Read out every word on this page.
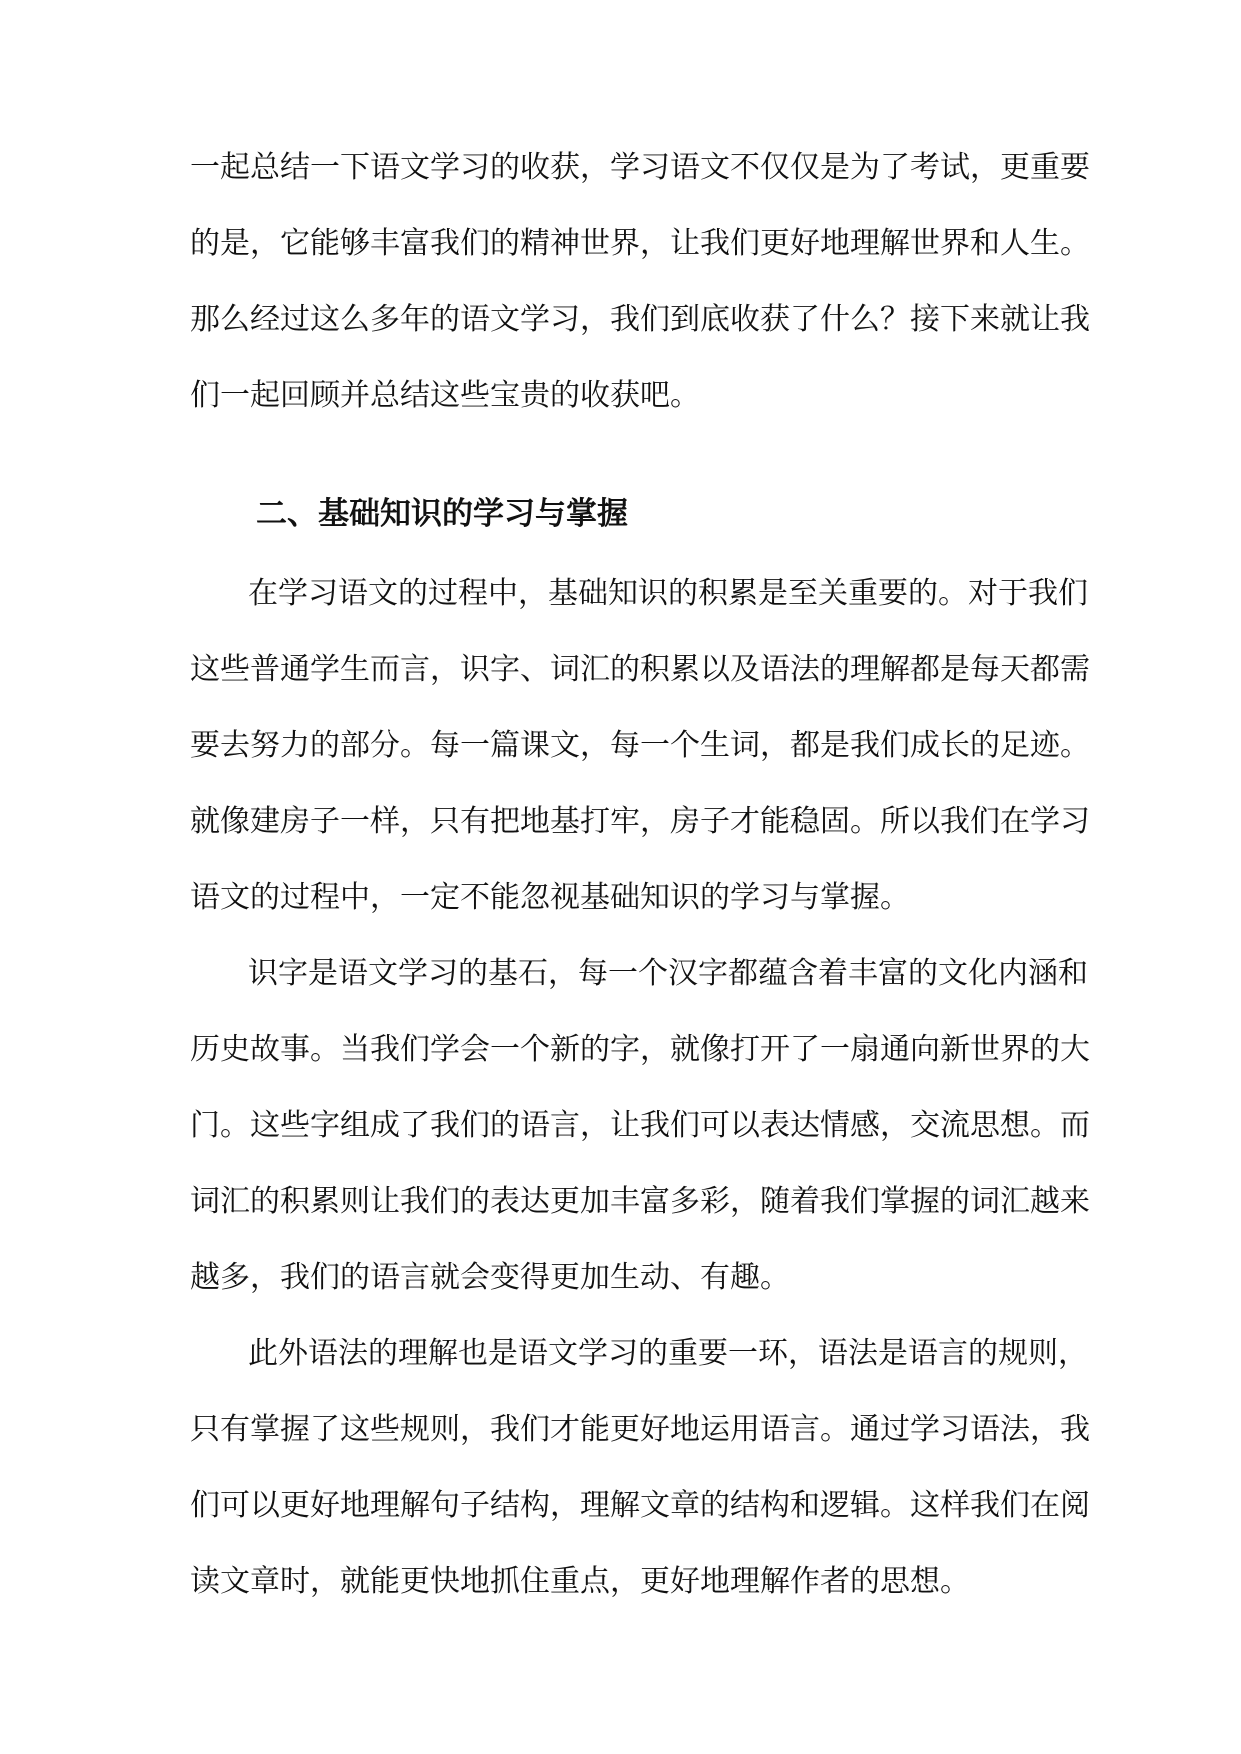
一起总结一下语文学习的收获，学习语文不仅仅是为了考试，更重要
的是，它能够丰富我们的精神世界，让我们更好地理解世界和人生。
那么经过这么多年的语文学习，我们到底收获了什么？接下来就让我
们一起回顾并总结这些宝贵的收获吧。
二、基础知识的学习与掌握
在学习语文的过程中，基础知识的积累是至关重要的。对于我们
这些普通学生而言，识字、词汇的积累以及语法的理解都是每天都需
要去努力的部分。每一篇课文，每一个生词，都是我们成长的足迹。
就像建房子一样，只有把地基打牢，房子才能稳固。所以我们在学习
语文的过程中，一定不能忽视基础知识的学习与掌握。
识字是语文学习的基石，每一个汉字都蕴含着丰富的文化内涵和
历史故事。当我们学会一个新的字，就像打开了一扇通向新世界的大
门。这些字组成了我们的语言，让我们可以表达情感，交流思想。而
词汇的积累则让我们的表达更加丰富多彩，随着我们掌握的词汇越来
越多，我们的语言就会变得更加生动、有趣。
此外语法的理解也是语文学习的重要一环，语法是语言的规则，
只有掌握了这些规则，我们才能更好地运用语言。通过学习语法，我
们可以更好地理解句子结构，理解文章的结构和逻辑。这样我们在阅
读文章时，就能更快地抓住重点，更好地理解作者的思想。
